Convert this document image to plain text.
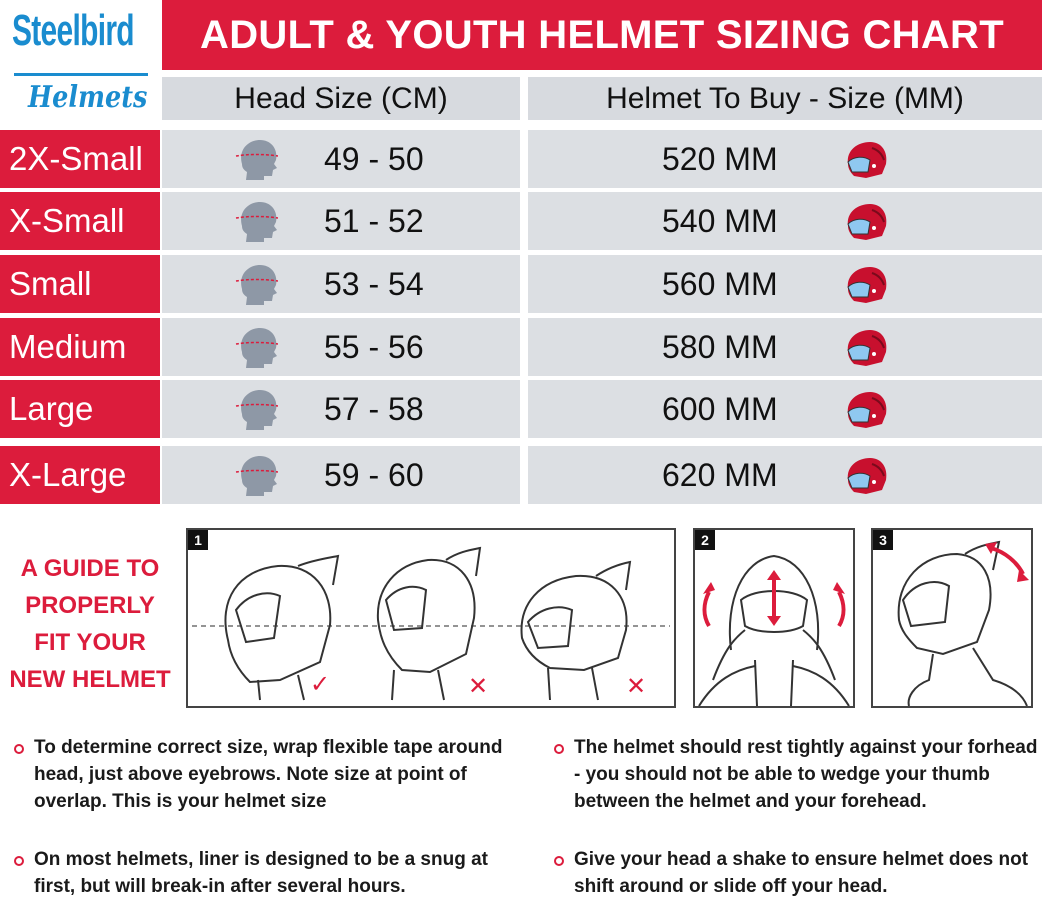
Steelbird
Helmets
ADULT & YOUTH HELMET SIZING CHART
Head Size (CM)	Helmet To Buy - Size (MM)
2X-Small	49 - 50	520 MM
X-Small	51 - 52	540 MM
Small	53 - 54	560 MM
Medium	55 - 56	580 MM
Large	57 - 58	600 MM
X-Large	59 - 60	620 MM
A GUIDE TO
PROPERLY
FIT YOUR
NEW HELMET	✓	✕	✕
1	2	3
To determine correct size, wrap flexible tape around head, just above eyebrows. Note size at point of overlap. This is your helmet size
The helmet should rest tightly against your forhead - you should not be able to wedge your thumb between the helmet and your forehead.
On most helmets, liner is designed to be a snug at first, but will break-in after several hours.
Give your head a shake to ensure helmet does not shift around or slide off your head.
